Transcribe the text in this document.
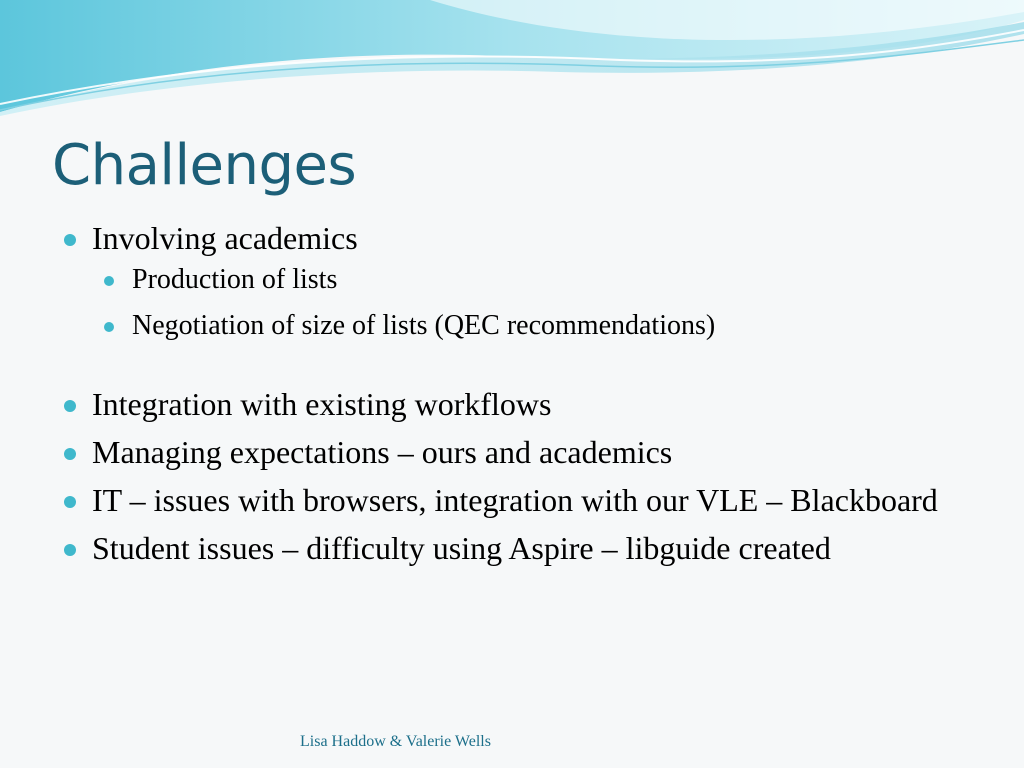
Challenges
Involving academics
Production of lists
Negotiation of size of lists (QEC recommendations)
Integration with existing workflows
Managing expectations – ours and academics
IT – issues with browsers, integration with our VLE – Blackboard
Student issues – difficulty using Aspire – libguide created
Lisa Haddow & Valerie Wells
